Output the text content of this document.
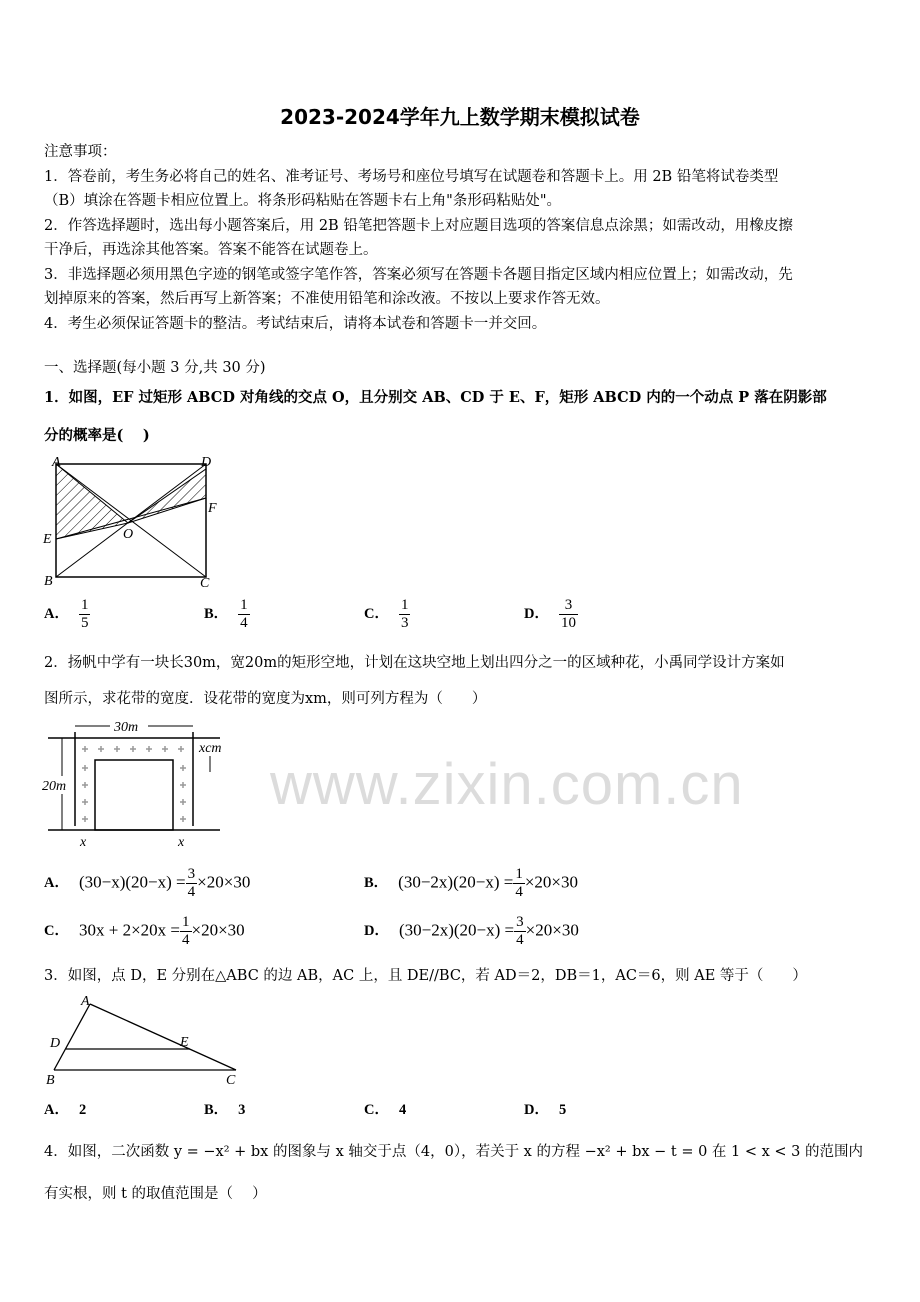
www.zixin.com.cn
2023-2024学年九上数学期末模拟试卷
注意事项：
1．答卷前，考生务必将自己的姓名、准考证号、考场号和座位号填写在试题卷和答题卡上。用 2B 铅笔将试卷类型
（B）填涂在答题卡相应位置上。将条形码粘贴在答题卡右上角"条形码粘贴处"。
2．作答选择题时，选出每小题答案后，用 2B 铅笔把答题卡上对应题目选项的答案信息点涂黑；如需改动，用橡皮擦
干净后，再选涂其他答案。答案不能答在试题卷上。
3．非选择题必须用黑色字迹的钢笔或签字笔作答，答案必须写在答题卡各题目指定区域内相应位置上；如需改动，先
划掉原来的答案，然后再写上新答案；不准使用铅笔和涂改液。不按以上要求作答无效。
4．考生必须保证答题卡的整洁。考试结束后，请将本试卷和答题卡一并交回。
一、选择题(每小题 3 分,共 30 分)
1．如图，EF 过矩形 ABCD 对角线的交点 O，且分别交 AB、CD 于 E、F，矩形 ABCD 内的一个动点 P 落在阴影部
分的概率是(　 )
A	D
F
E	O
B	C
A． $\frac{1}{5}$	B． $\frac{1}{4}$	C． $\frac{1}{3}$	D． $\frac{3}{10}$
2．扬帆中学有一块长30m，宽20m的矩形空地，计划在这块空地上划出四分之一的区域种花，小禹同学设计方案如
图所示，求花带的宽度．设花带的宽度为xm，则可列方程为（　　）
30m
20m
xcm
x	x
A． $(30-x)(20-x) = \frac{3}{4} \times 20\times 30$	B． $(30-2x)(20-x) = \frac{1}{4} \times 20\times 30$
C． $30x + 2\times 20x = \frac{1}{4} \times 20\times 30$	D． $(30-2x)(20-x) = \frac{3}{4} \times 20\times 30$
3．如图，点 D，E 分别在△ABC 的边 AB，AC 上，且 DE//BC，若 AD＝2，DB＝1，AC＝6，则 AE 等于（　　）
A
D	E
B	C
A． 2	B． 3	C． 4	D． 5
4．如图，二次函数 y = −x² + bx 的图象与 x 轴交于点（4，0），若关于 x 的方程 −x² + bx − t = 0 在 1 < x < 3 的范围内
有实根，则 t 的取值范围是（　 ）
